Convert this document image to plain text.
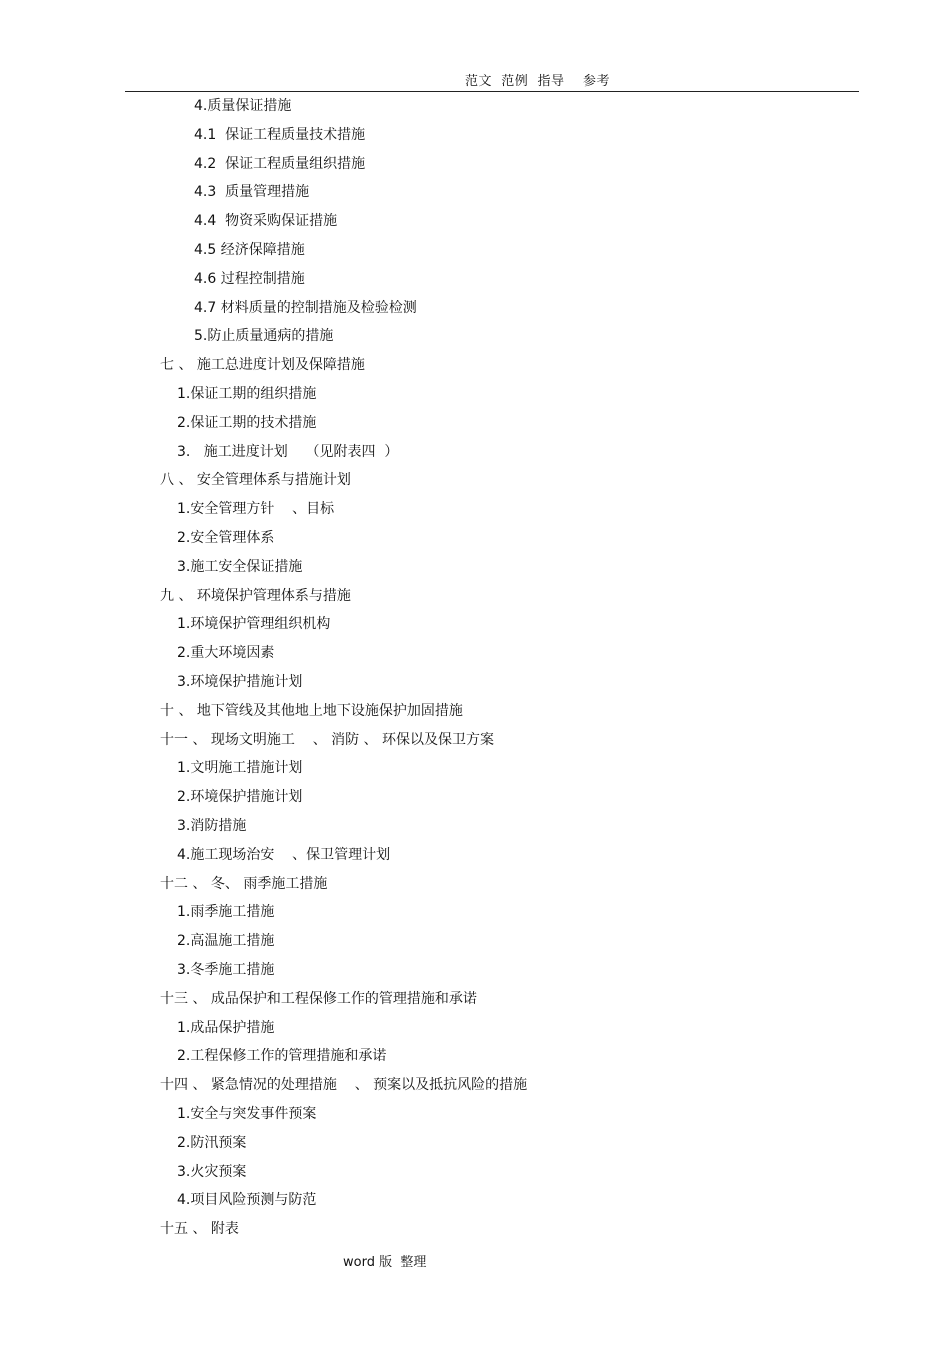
范文  范例  指导    参考
4.质量保证措施
4.1  保证工程质量技术措施
4.2  保证工程质量组织措施
4.3  质量管理措施
4.4  物资采购保证措施
4.5 经济保障措施
4.6 过程控制措施
4.7 材料质量的控制措施及检验检测
5.防止质量通病的措施
七 、 施工总进度计划及保障措施
1.保证工期的组织措施
2.保证工期的技术措施
3.   施工进度计划    （见附表四  ）
八 、 安全管理体系与措施计划
1.安全管理方针    、目标
2.安全管理体系
3.施工安全保证措施
九 、 环境保护管理体系与措施
1.环境保护管理组织机构
2.重大环境因素
3.环境保护措施计划
十 、 地下管线及其他地上地下设施保护加固措施
十一 、 现场文明施工    、 消防 、 环保以及保卫方案
1.文明施工措施计划
2.环境保护措施计划
3.消防措施
4.施工现场治安    、保卫管理计划
十二 、 冬、 雨季施工措施
1.雨季施工措施
2.高温施工措施
3.冬季施工措施
十三 、 成品保护和工程保修工作的管理措施和承诺
1.成品保护措施
2.工程保修工作的管理措施和承诺
十四 、 紧急情况的处理措施    、 预案以及抵抗风险的措施
1.安全与突发事件预案
2.防汛预案
3.火灾预案
4.项目风险预测与防范
十五 、 附表
word 版  整理
